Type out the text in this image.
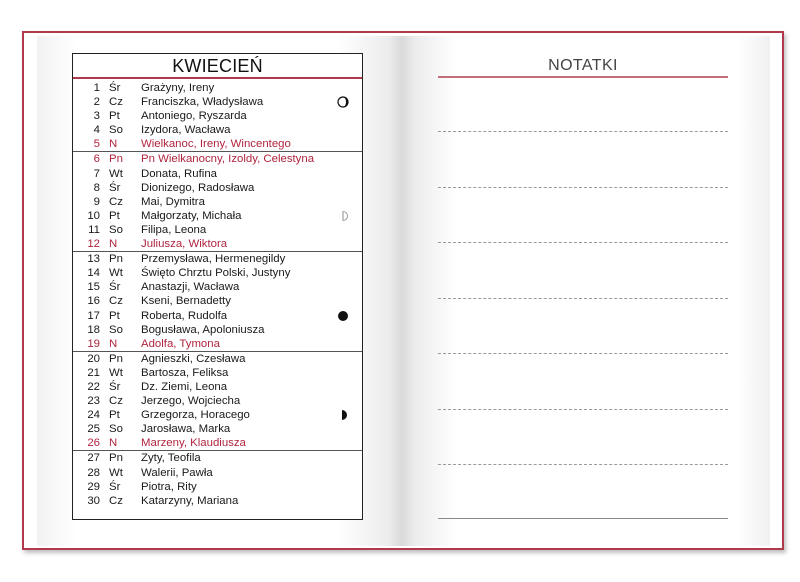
KWIECIEŃ
1 Śr Grażyny, Ireny
2 Cz Franciszka, Władysława
3 Pt Antoniego, Ryszarda
4 So Izydora, Wacława
5 N Wielkanoc, Ireny, Wincentego
6 Pn Pn Wielkanocny, Izoldy, Celestyna
7 Wt Donata, Rufina
8 Śr Dionizego, Radosława
9 Cz Mai, Dymitra
10 Pt Małgorzaty, Michała
11 So Filipa, Leona
12 N Juliusza, Wiktora
13 Pn Przemysława, Hermenegildy
14 Wt Święto Chrztu Polski, Justyny
15 Śr Anastazji, Wacława
16 Cz Kseni, Bernadetty
17 Pt Roberta, Rudolfa
18 So Bogusława, Apoloniusza
19 N Adolfa, Tymona
20 Pn Agnieszki, Czesława
21 Wt Bartosza, Feliksa
22 Śr Dz. Ziemi, Leona
23 Cz Jerzego, Wojciecha
24 Pt Grzegorza, Horacego
25 So Jarosława, Marka
26 N Marzeny, Klaudiusza
27 Pn Zyty, Teofila
28 Wt Walerii, Pawła
29 Śr Piotra, Rity
30 Cz Katarzyny, Mariana
NOTATKI
